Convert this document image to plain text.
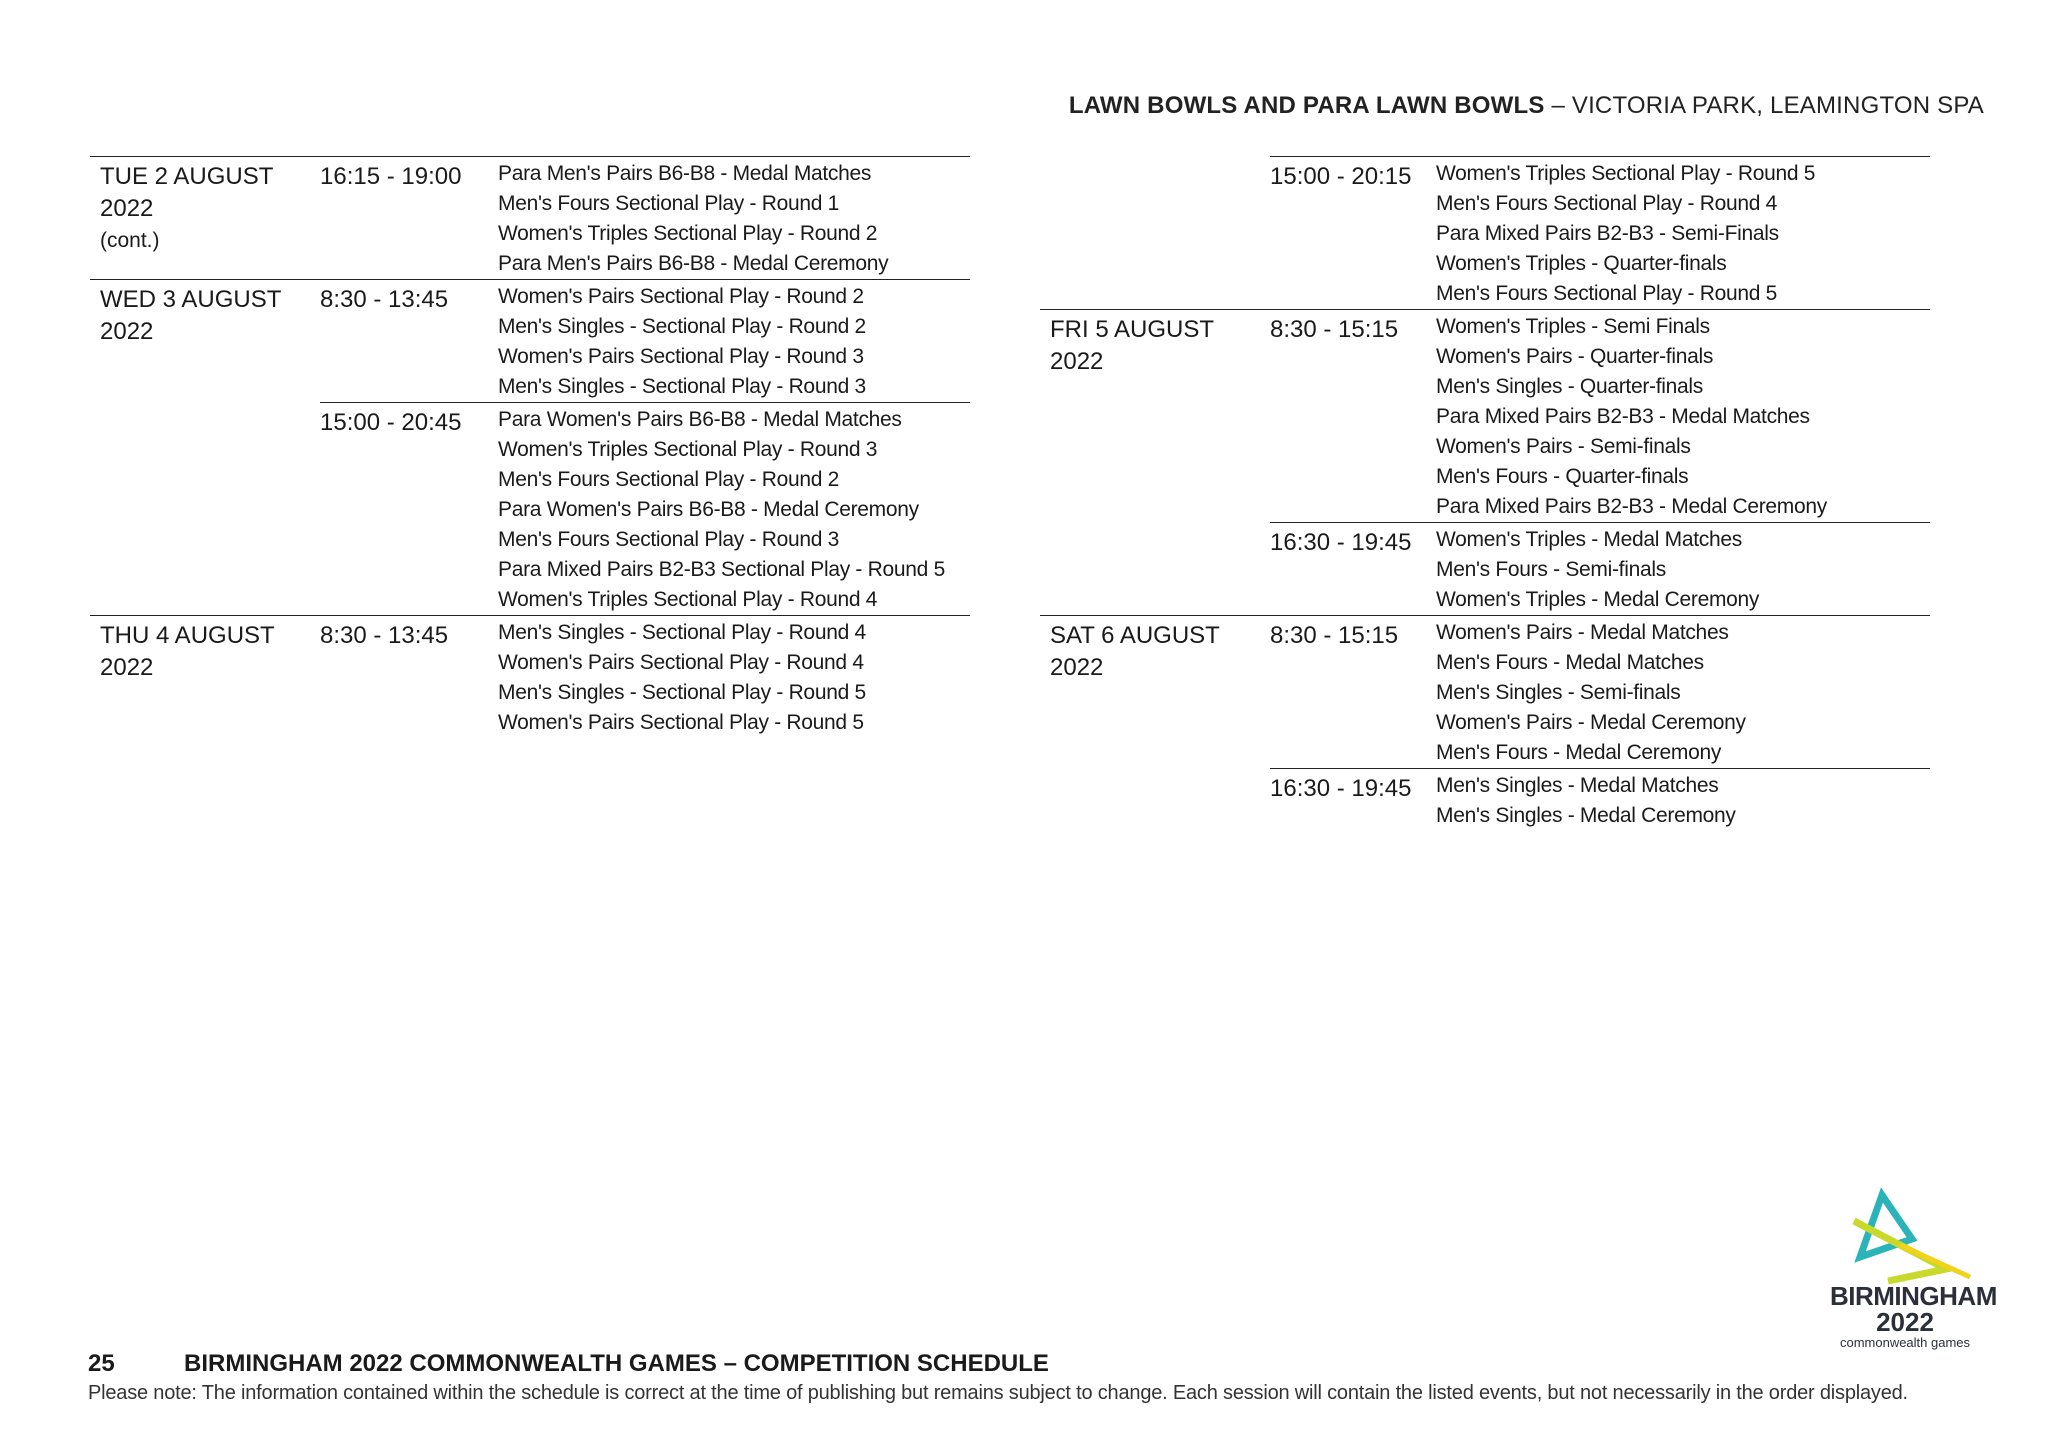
LAWN BOWLS AND PARA LAWN BOWLS – VICTORIA PARK, LEAMINGTON SPA
TUE 2 AUGUST 2022
(cont.)
16:15 - 19:00	Para Men's Pairs B6-B8 - Medal Matches
Men's Fours Sectional Play - Round 1
Women's Triples Sectional Play - Round 2
Para Men's Pairs B6-B8 - Medal Ceremony
WED 3 AUGUST 2022
8:30 - 13:45	Women's Pairs Sectional Play - Round 2
Men's Singles - Sectional Play - Round 2
Women's Pairs Sectional Play - Round 3
Men's Singles - Sectional Play - Round 3
15:00 - 20:45	Para Women's Pairs B6-B8 - Medal Matches
Women's Triples Sectional Play - Round 3
Men's Fours Sectional Play - Round 2
Para Women's Pairs B6-B8 - Medal Ceremony
Men's Fours Sectional Play - Round 3
Para Mixed Pairs B2-B3 Sectional Play - Round 5
Women's Triples Sectional Play - Round 4
THU 4 AUGUST 2022
8:30 - 13:45	Men's Singles - Sectional Play - Round 4
Women's Pairs Sectional Play - Round 4
Men's Singles - Sectional Play - Round 5
Women's Pairs Sectional Play - Round 5
15:00 - 20:15	Women's Triples Sectional Play - Round 5
Men's Fours Sectional Play - Round 4
Para Mixed Pairs B2-B3 - Semi-Finals
Women's Triples - Quarter-finals
Men's Fours Sectional Play - Round 5
FRI 5 AUGUST 2022
8:30 - 15:15	Women's Triples - Semi Finals
Women's Pairs - Quarter-finals
Men's Singles - Quarter-finals
Para Mixed Pairs B2-B3 - Medal Matches
Women's Pairs - Semi-finals
Men's Fours - Quarter-finals
Para Mixed Pairs B2-B3 - Medal Ceremony
16:30 - 19:45	Women's Triples - Medal Matches
Men's Fours - Semi-finals
Women's Triples - Medal Ceremony
SAT 6 AUGUST 2022
8:30 - 15:15	Women's Pairs - Medal Matches
Men's Fours - Medal Matches
Men's Singles - Semi-finals
Women's Pairs - Medal Ceremony
Men's Fours - Medal Ceremony
16:30 - 19:45	Men's Singles - Medal Matches
Men's Singles - Medal Ceremony
25	BIRMINGHAM 2022 COMMONWEALTH GAMES – COMPETITION SCHEDULE
Please note: The information contained within the schedule is correct at the time of publishing but remains subject to change. Each session will contain the listed events, but not necessarily in the order displayed.
BIRMINGHAM
2022
commonwealth games
